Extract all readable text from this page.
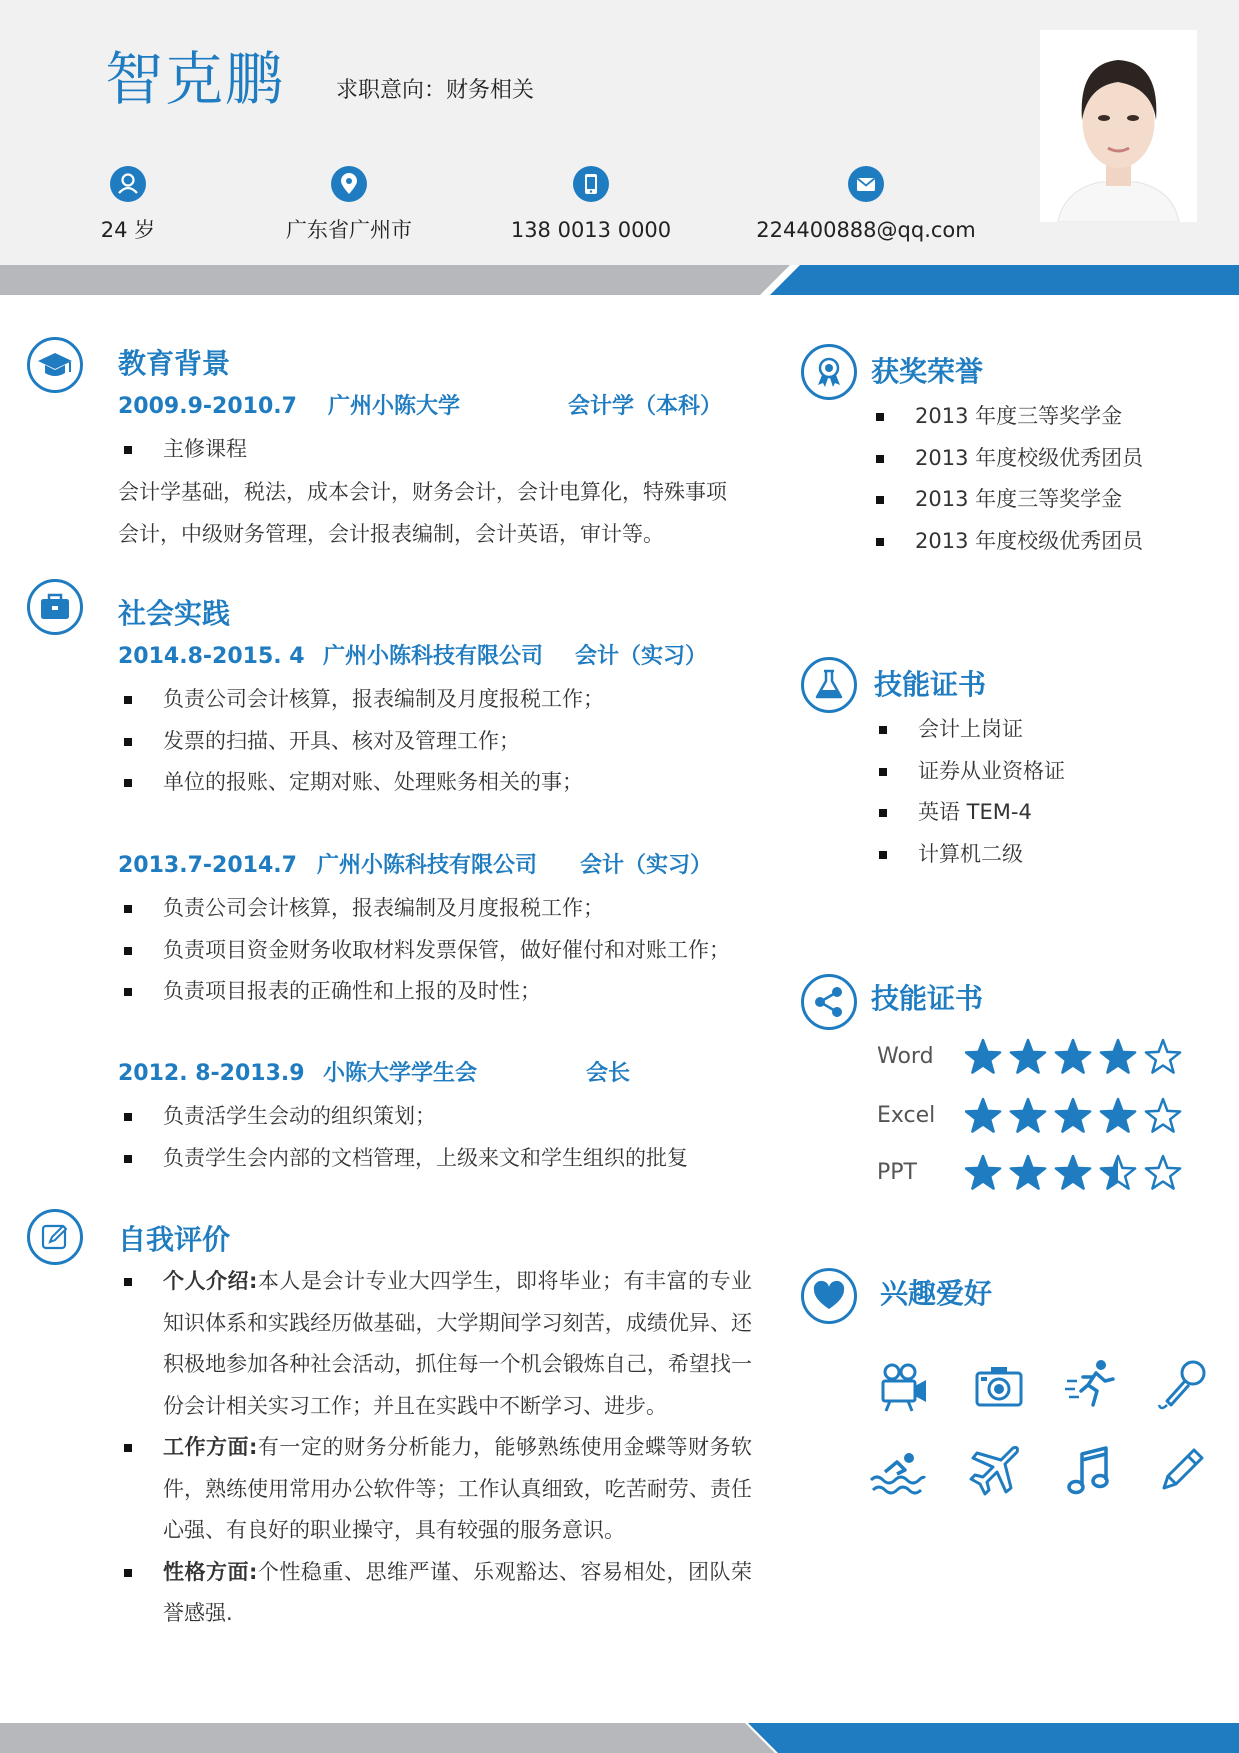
智克鹏 求职意向：财务相关
24 岁	广东省广州市	138 0013 0000	224400888@qq.com
教育背景
2009.9-2010.7 广州小陈大学	会计学（本科）
主修课程
会计学基础，税法，成本会计，财务会计，会计电算化，特殊事项
会计，中级财务管理，会计报表编制，会计英语，审计等。
社会实践
2014.8-2015. 4 广州小陈科技有限公司 会计（实习）
负责公司会计核算，报表编制及月度报税工作；
发票的扫描、开具、核对及管理工作；
单位的报账、定期对账、处理账务相关的事；
2013.7-2014.7 广州小陈科技有限公司 会计（实习）
负责公司会计核算，报表编制及月度报税工作；
负责项目资金财务收取材料发票保管，做好催付和对账工作；
负责项目报表的正确性和上报的及时性；
2012. 8-2013.9 小陈大学学生会	会长
负责活学生会动的组织策划；
负责学生会内部的文档管理，上级来文和学生组织的批复
自我评价
个人介绍:本人是会计专业大四学生，即将毕业；有丰富的专业知识体系和实践经历做基础，大学期间学习刻苦，成绩优异、还积极地参加各种社会活动，抓住每一个机会锻炼自己，希望找一份会计相关实习工作；并且在实践中不断学习、进步。
工作方面:有一定的财务分析能力，能够熟练使用金蝶等财务软件，熟练使用常用办公软件等；工作认真细致，吃苦耐劳、责任心强、有良好的职业操守，具有较强的服务意识。
性格方面:个性稳重、思维严谨、乐观豁达、容易相处，团队荣誉感强.
获奖荣誉
2013 年度三等奖学金
2013 年度校级优秀团员
2013 年度三等奖学金
2013 年度校级优秀团员
技能证书
会计上岗证
证券从业资格证
英语 TEM-4
计算机二级
技能证书
Word
Excel
PPT
兴趣爱好
